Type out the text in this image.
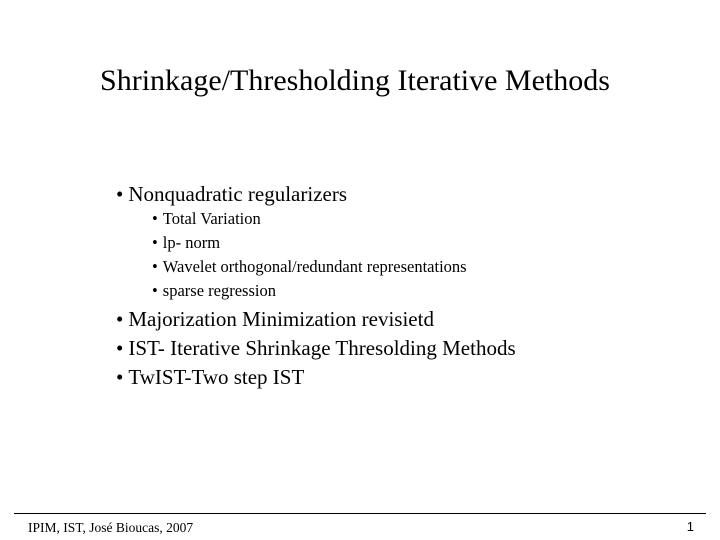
Shrinkage/Thresholding Iterative Methods
• Nonquadratic regularizers
• Total Variation
• lp- norm
• Wavelet orthogonal/redundant representations
• sparse regression
• Majorization Minimization revisietd
• IST- Iterative Shrinkage Thresolding Methods
• TwIST-Two step IST
IPIM, IST, José Bioucas, 2007	1
